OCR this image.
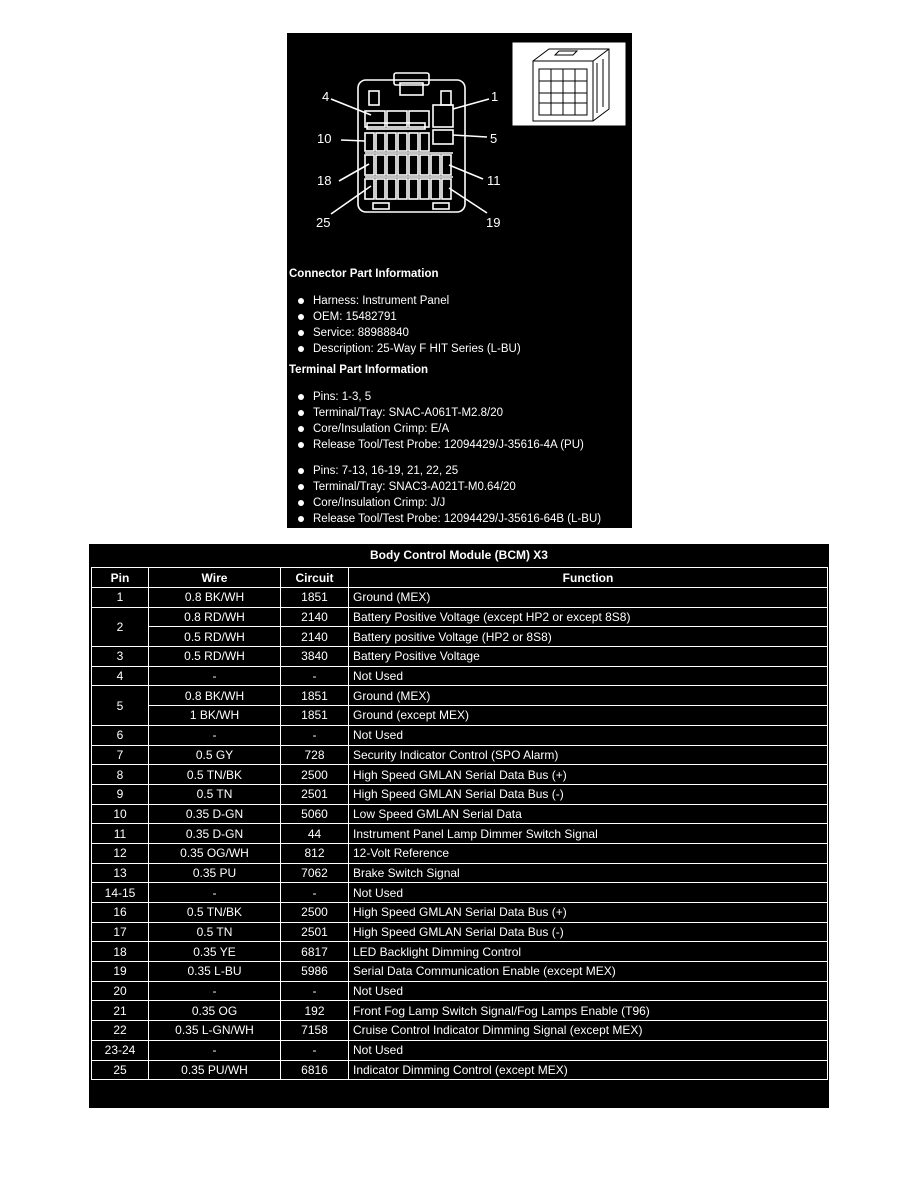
4	1
10	5
18	11
25	19
Connector Part Information
Harness: Instrument Panel
OEM: 15482791
Service: 88988840
Description: 25-Way F HIT Series (L-BU)
Terminal Part Information
Pins: 1-3, 5
Terminal/Tray: SNAC-A061T-M2.8/20
Core/Insulation Crimp: E/A
Release Tool/Test Probe: 12094429/J-35616-4A (PU)
Pins: 7-13, 16-19, 21, 22, 25
Terminal/Tray: SNAC3-A021T-M0.64/20
Core/Insulation Crimp: J/J
Release Tool/Test Probe: 12094429/J-35616-64B (L-BU)
Body Control Module (BCM) X3
Pin	Wire	Circuit	Function
1	0.8 BK/WH	1851	Ground (MEX)
2	0.8 RD/WH	2140	Battery Positive Voltage (except HP2 or except 8S8)
	0.5 RD/WH	2140	Battery positive Voltage (HP2 or 8S8)
3	0.5 RD/WH	3840	Battery Positive Voltage
4	-	-	Not Used
5	0.8 BK/WH	1851	Ground (MEX)
	1 BK/WH	1851	Ground (except MEX)
6	-	-	Not Used
7	0.5 GY	728	Security Indicator Control (SPO Alarm)
8	0.5 TN/BK	2500	High Speed GMLAN Serial Data Bus (+)
9	0.5 TN	2501	High Speed GMLAN Serial Data Bus (-)
10	0.35 D-GN	5060	Low Speed GMLAN Serial Data
11	0.35 D-GN	44	Instrument Panel Lamp Dimmer Switch Signal
12	0.35 OG/WH	812	12-Volt Reference
13	0.35 PU	7062	Brake Switch Signal
14-15	-	-	Not Used
16	0.5 TN/BK	2500	High Speed GMLAN Serial Data Bus (+)
17	0.5 TN	2501	High Speed GMLAN Serial Data Bus (-)
18	0.35 YE	6817	LED Backlight Dimming Control
19	0.35 L-BU	5986	Serial Data Communication Enable (except MEX)
20	-	-	Not Used
21	0.35 OG	192	Front Fog Lamp Switch Signal/Fog Lamps Enable (T96)
22	0.35 L-GN/WH	7158	Cruise Control Indicator Dimming Signal (except MEX)
23-24	-	-	Not Used
25	0.35 PU/WH	6816	Indicator Dimming Control (except MEX)
